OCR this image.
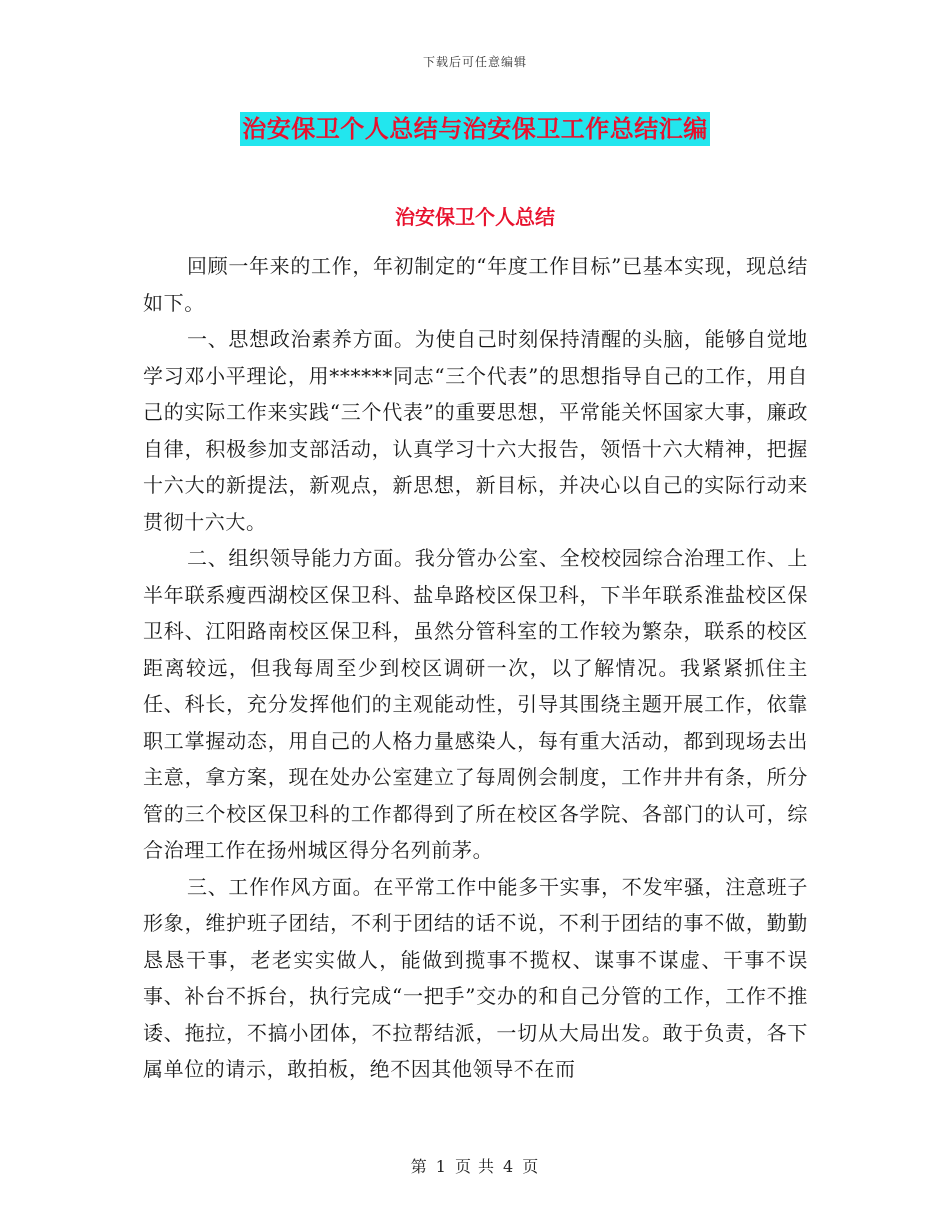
下载后可任意编辑
治安保卫个人总结与治安保卫工作总结汇编
治安保卫个人总结

回顾一年来的工作，年初制定的“年度工作目标”已基本实现，现总结如下。

一、思想政治素养方面。为使自己时刻保持清醒的头脑，能够自觉地学习邓小平理论，用******同志“三个代表”的思想指导自己的工作，用自己的实际工作来实践“三个代表”的重要思想，平常能关怀国家大事，廉政自律，积极参加支部活动，认真学习十六大报告，领悟十六大精神，把握十六大的新提法，新观点，新思想，新目标，并决心以自己的实际行动来贯彻十六大。

二、组织领导能力方面。我分管办公室、全校校园综合治理工作、上半年联系瘦西湖校区保卫科、盐阜路校区保卫科，下半年联系淮盐校区保卫科、江阳路南校区保卫科，虽然分管科室的工作较为繁杂，联系的校区距离较远，但我每周至少到校区调研一次，以了解情况。我紧紧抓住主任、科长，充分发挥他们的主观能动性，引导其围绕主题开展工作，依靠职工掌握动态，用自己的人格力量感染人，每有重大活动，都到现场去出主意，拿方案，现在处办公室建立了每周例会制度，工作井井有条，所分管的三个校区保卫科的工作都得到了所在校区各学院、各部门的认可，综合治理工作在扬州城区得分名列前茅。

三、工作作风方面。在平常工作中能多干实事，不发牢骚，注意班子形象，维护班子团结，不利于团结的话不说，不利于团结的事不做，勤勤恳恳干事，老老实实做人，能做到揽事不揽权、谋事不谋虚、干事不误事、补台不拆台，执行完成“一把手”交办的和自己分管的工作，工作不推诿、拖拉，不搞小团体，不拉帮结派，一切从大局出发。敢于负责，各下属单位的请示，敢拍板，绝不因其他领导不在而

第 1 页 共 4 页
